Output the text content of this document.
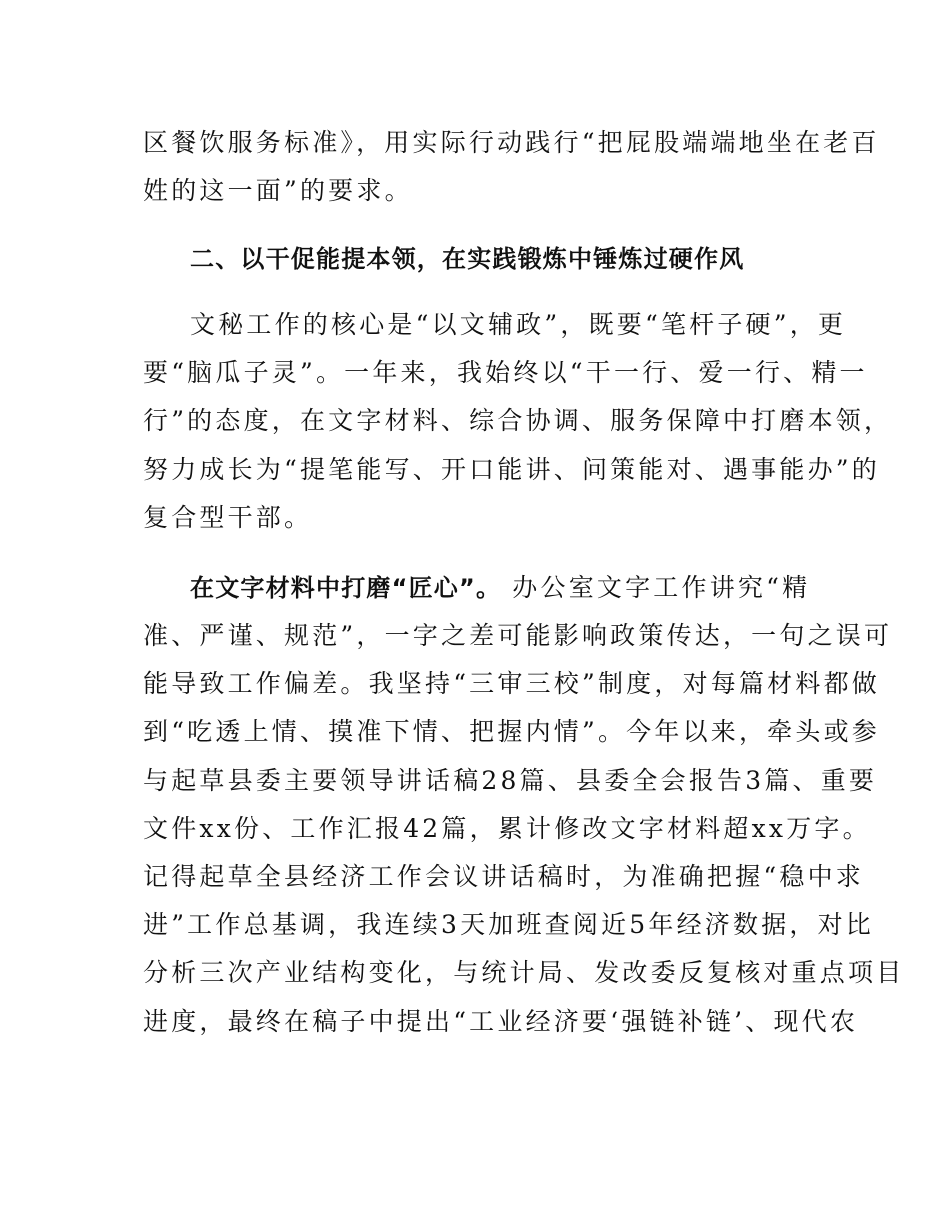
区餐饮服务标准》，用实际行动践行“把屁股端端地坐在老百
姓的这一面”的要求。
二、以干促能提本领，在实践锻炼中锤炼过硬作风
文秘工作的核心是“以文辅政”，既要“笔杆子硬”，更
要“脑瓜子灵”。一年来，我始终以“干一行、爱一行、精一
行”的态度，在文字材料、综合协调、服务保障中打磨本领，
努力成长为“提笔能写、开口能讲、问策能对、遇事能办”的
复合型干部。
在文字材料中打磨“匠心”。 办公室文字工作讲究“精
准、严谨、规范”，一字之差可能影响政策传达，一句之误可
能导致工作偏差。我坚持“三审三校”制度，对每篇材料都做
到“吃透上情、摸准下情、把握内情”。今年以来，牵头或参
与起草县委主要领导讲话稿28篇、县委全会报告3篇、重要
文件xx份、工作汇报42篇，累计修改文字材料超xx万字。
记得起草全县经济工作会议讲话稿时，为准确把握“稳中求
进”工作总基调，我连续3天加班查阅近5年经济数据，对比
分析三次产业结构变化，与统计局、发改委反复核对重点项目
进度，最终在稿子中提出“工业经济要‘强链补链’、现代农
